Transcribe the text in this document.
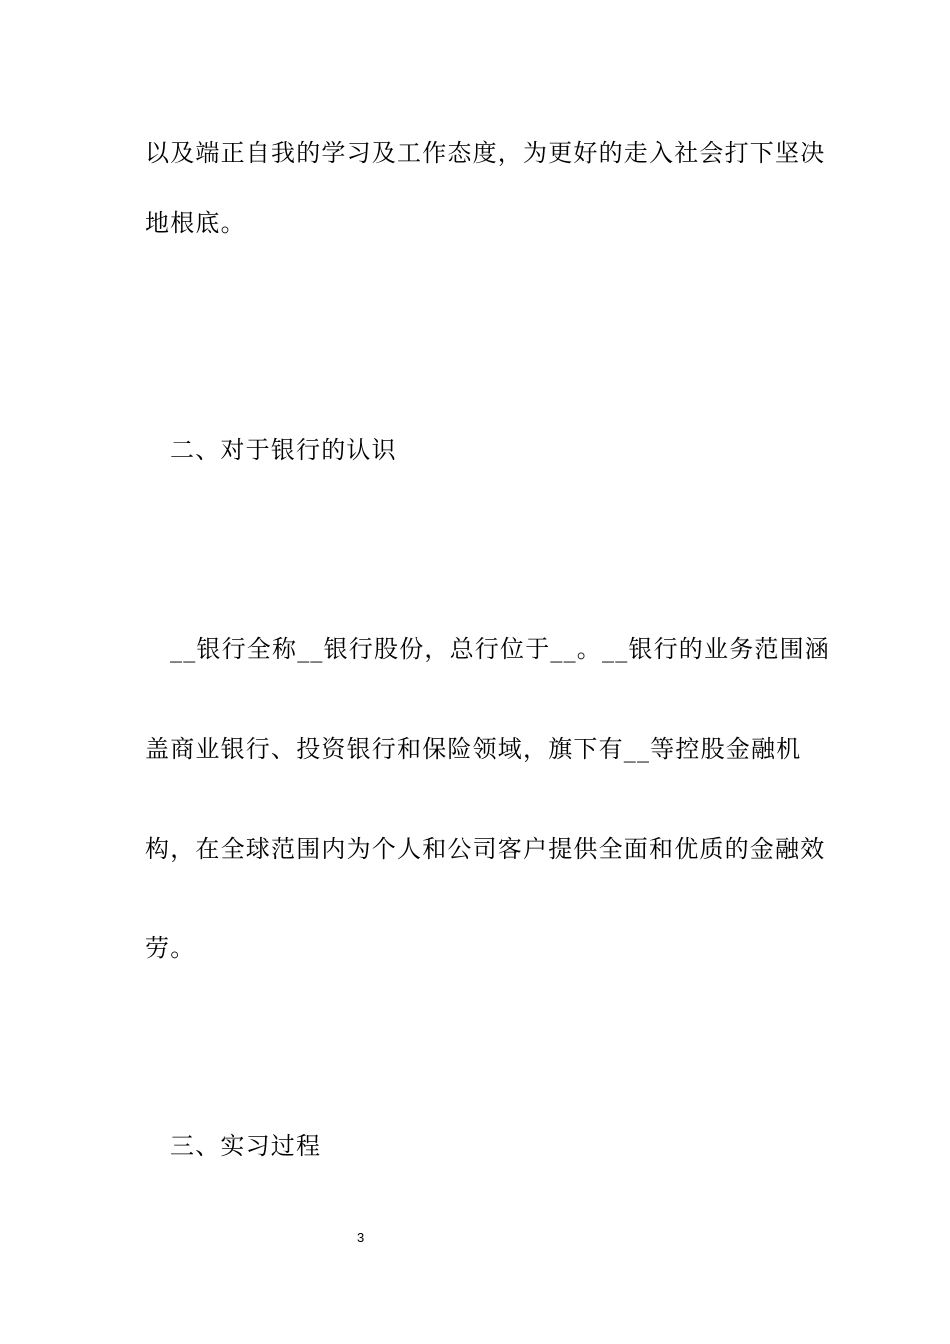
以及端正自我的学习及工作态度，为更好的走入社会打下坚决
地根底。
二、对于银行的认识
__银行全称__银行股份，总行位于__。__银行的业务范围涵
盖商业银行、投资银行和保险领域，旗下有__等控股金融机
构，在全球范围内为个人和公司客户提供全面和优质的金融效
劳。
三、实习过程
3
